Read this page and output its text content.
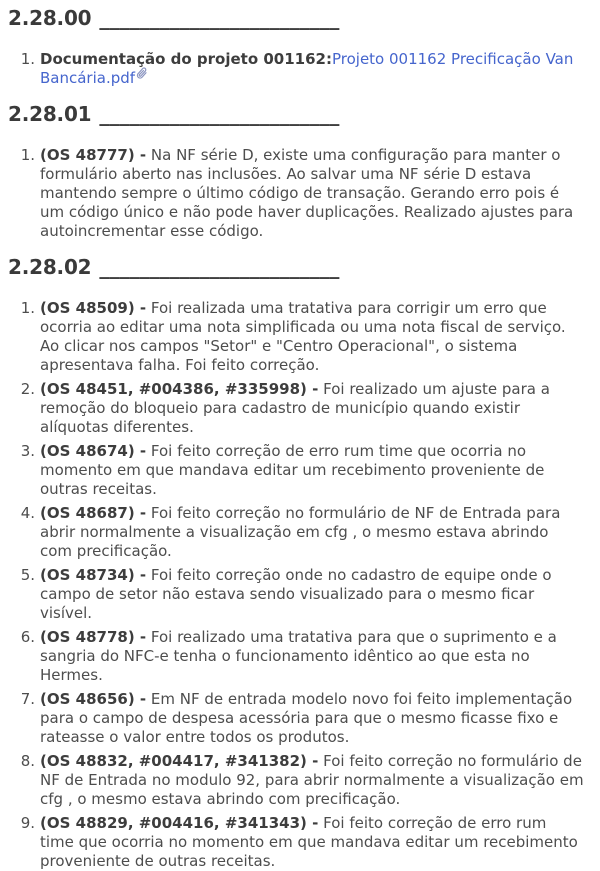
2.28.00 ________________________
1. Documentação do projeto 001162:Projeto 001162 Precificação Van Bancária.pdf
2.28.01 ________________________
1. (OS 48777) - Na NF série D, existe uma configuração para manter o formulário aberto nas inclusões. Ao salvar uma NF série D estava mantendo sempre o último código de transação. Gerando erro pois é um código único e não pode haver duplicações. Realizado ajustes para autoincrementar esse código.
2.28.02 ________________________
1. (OS 48509) - Foi realizada uma tratativa para corrigir um erro que ocorria ao editar uma nota simplificada ou uma nota fiscal de serviço. Ao clicar nos campos "Setor" e "Centro Operacional", o sistema apresentava falha. Foi feito correção.
2. (OS 48451, #004386, #335998) - Foi realizado um ajuste para a remoção do bloqueio para cadastro de município quando existir alíquotas diferentes.
3. (OS 48674) - Foi feito correção de erro rum time que ocorria no momento em que mandava editar um recebimento proveniente de outras receitas.
4. (OS 48687) - Foi feito correção no formulário de NF de Entrada para abrir normalmente a visualização em cfg , o mesmo estava abrindo com precificação.
5. (OS 48734) - Foi feito correção onde no cadastro de equipe onde o campo de setor não estava sendo visualizado para o mesmo ficar visível.
6. (OS 48778) - Foi realizado uma tratativa para que o suprimento e a sangria do NFC-e tenha o funcionamento idêntico ao que esta no Hermes.
7. (OS 48656) - Em NF de entrada modelo novo foi feito implementação para o campo de despesa acessória para que o mesmo ficasse fixo e rateasse o valor entre todos os produtos.
8. (OS 48832, #004417, #341382) - Foi feito correção no formulário de NF de Entrada no modulo 92, para abrir normalmente a visualização em cfg , o mesmo estava abrindo com precificação.
9. (OS 48829, #004416, #341343) - Foi feito correção de erro rum time que ocorria no momento em que mandava editar um recebimento proveniente de outras receitas.
